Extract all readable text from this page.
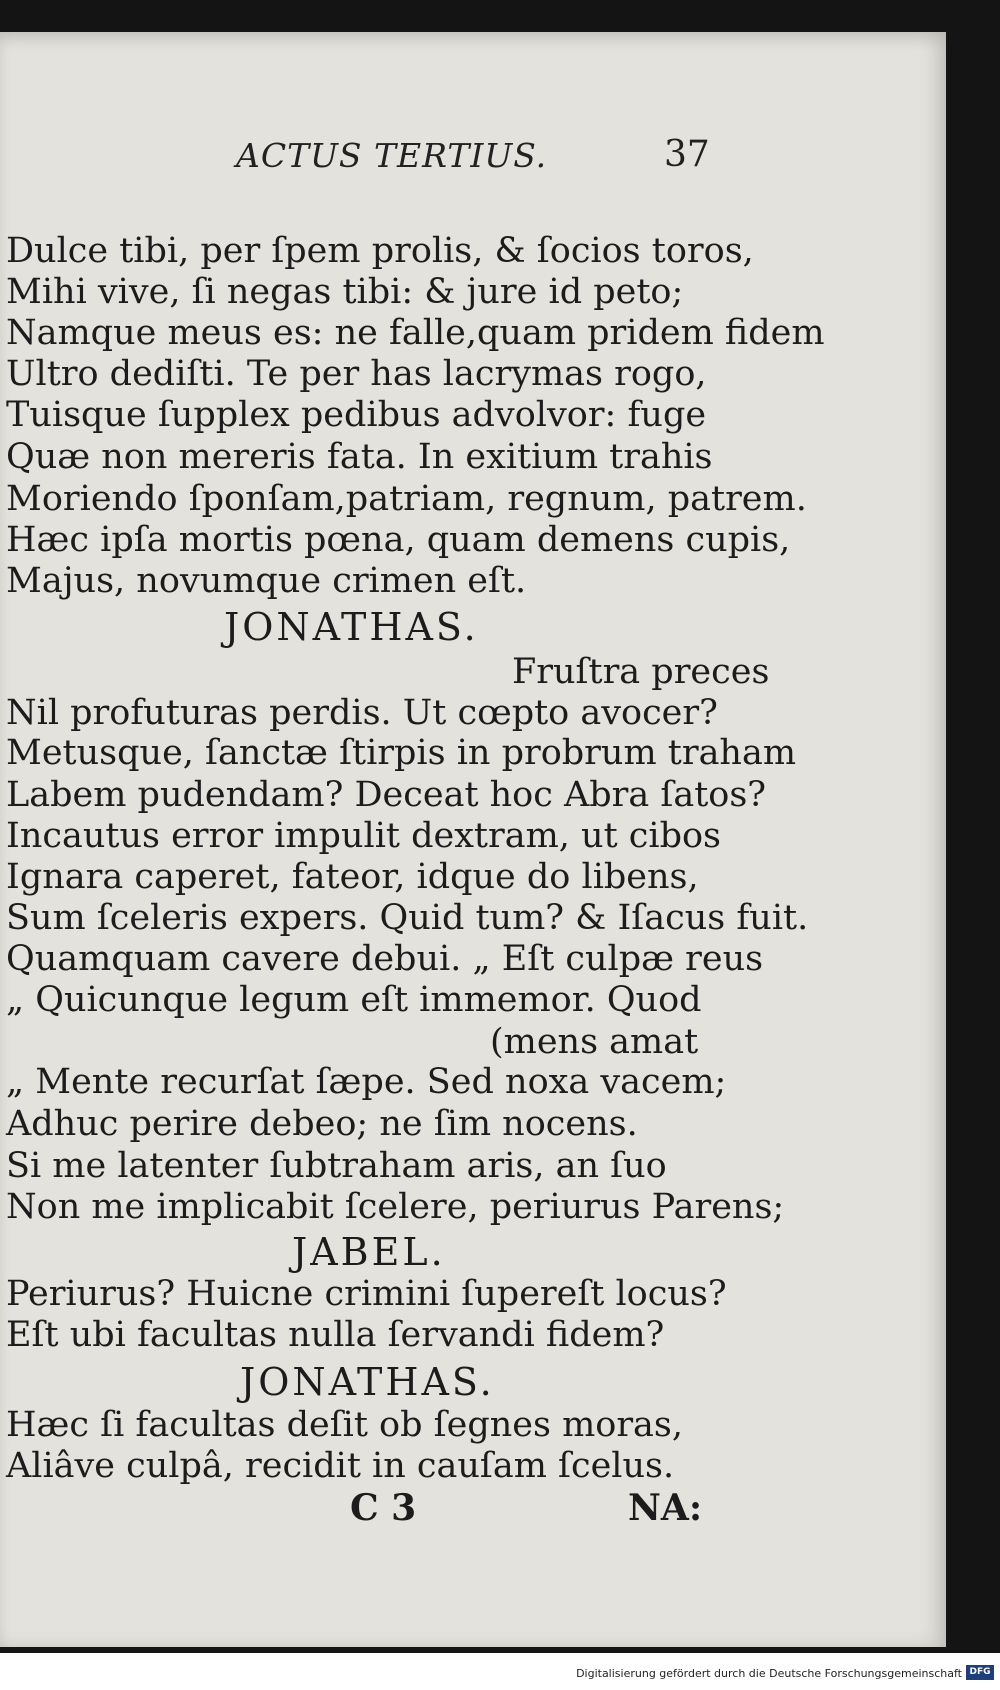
ACTUS TERTIUS.	37
Dulce tibi, per ſpem prolis, & ſocios toros,
Mihi vive, ſi negas tibi: & jure id peto;
Namque meus es: ne falle,quam pridem fidem
Ultro dediſti. Te per has lacrymas rogo,
Tuisque ſupplex pedibus advolvor: fuge
Quæ non mereris fata. In exitium trahis
Moriendo ſponſam,patriam, regnum, patrem.
Hæc ipſa mortis pœna, quam demens cupis,
Majus, novumque crimen eſt.
JONATHAS.
Fruſtra preces
Nil profuturas perdis. Ut cœpto avocer?
Metusque, ſanctæ ſtirpis in probrum traham
Labem pudendam? Deceat hoc Abra ſatos?
Incautus error impulit dextram, ut cibos
Ignara caperet, fateor, idque do libens,
Sum ſceleris expers. Quid tum? & Iſacus fuit.
Quamquam cavere debui. „ Eſt culpæ reus
„ Quicunque legum eſt immemor. Quod
(mens amat
„ Mente recurſat ſæpe. Sed noxa vacem;
Adhuc perire debeo; ne ſim nocens.
Si me latenter ſubtraham aris, an ſuo
Non me implicabit ſcelere, periurus Parens;
JABEL.
Periurus? Huicne crimini ſupereſt locus?
Eſt ubi facultas nulla ſervandi fidem?
JONATHAS.
Hæc ſi facultas deſit ob ſegnes moras,
Aliâve culpâ, recidit in cauſam ſcelus.
C 3	NA:
Digitalisierung gefördert durch die Deutsche Forschungsgemeinschaft DFG
